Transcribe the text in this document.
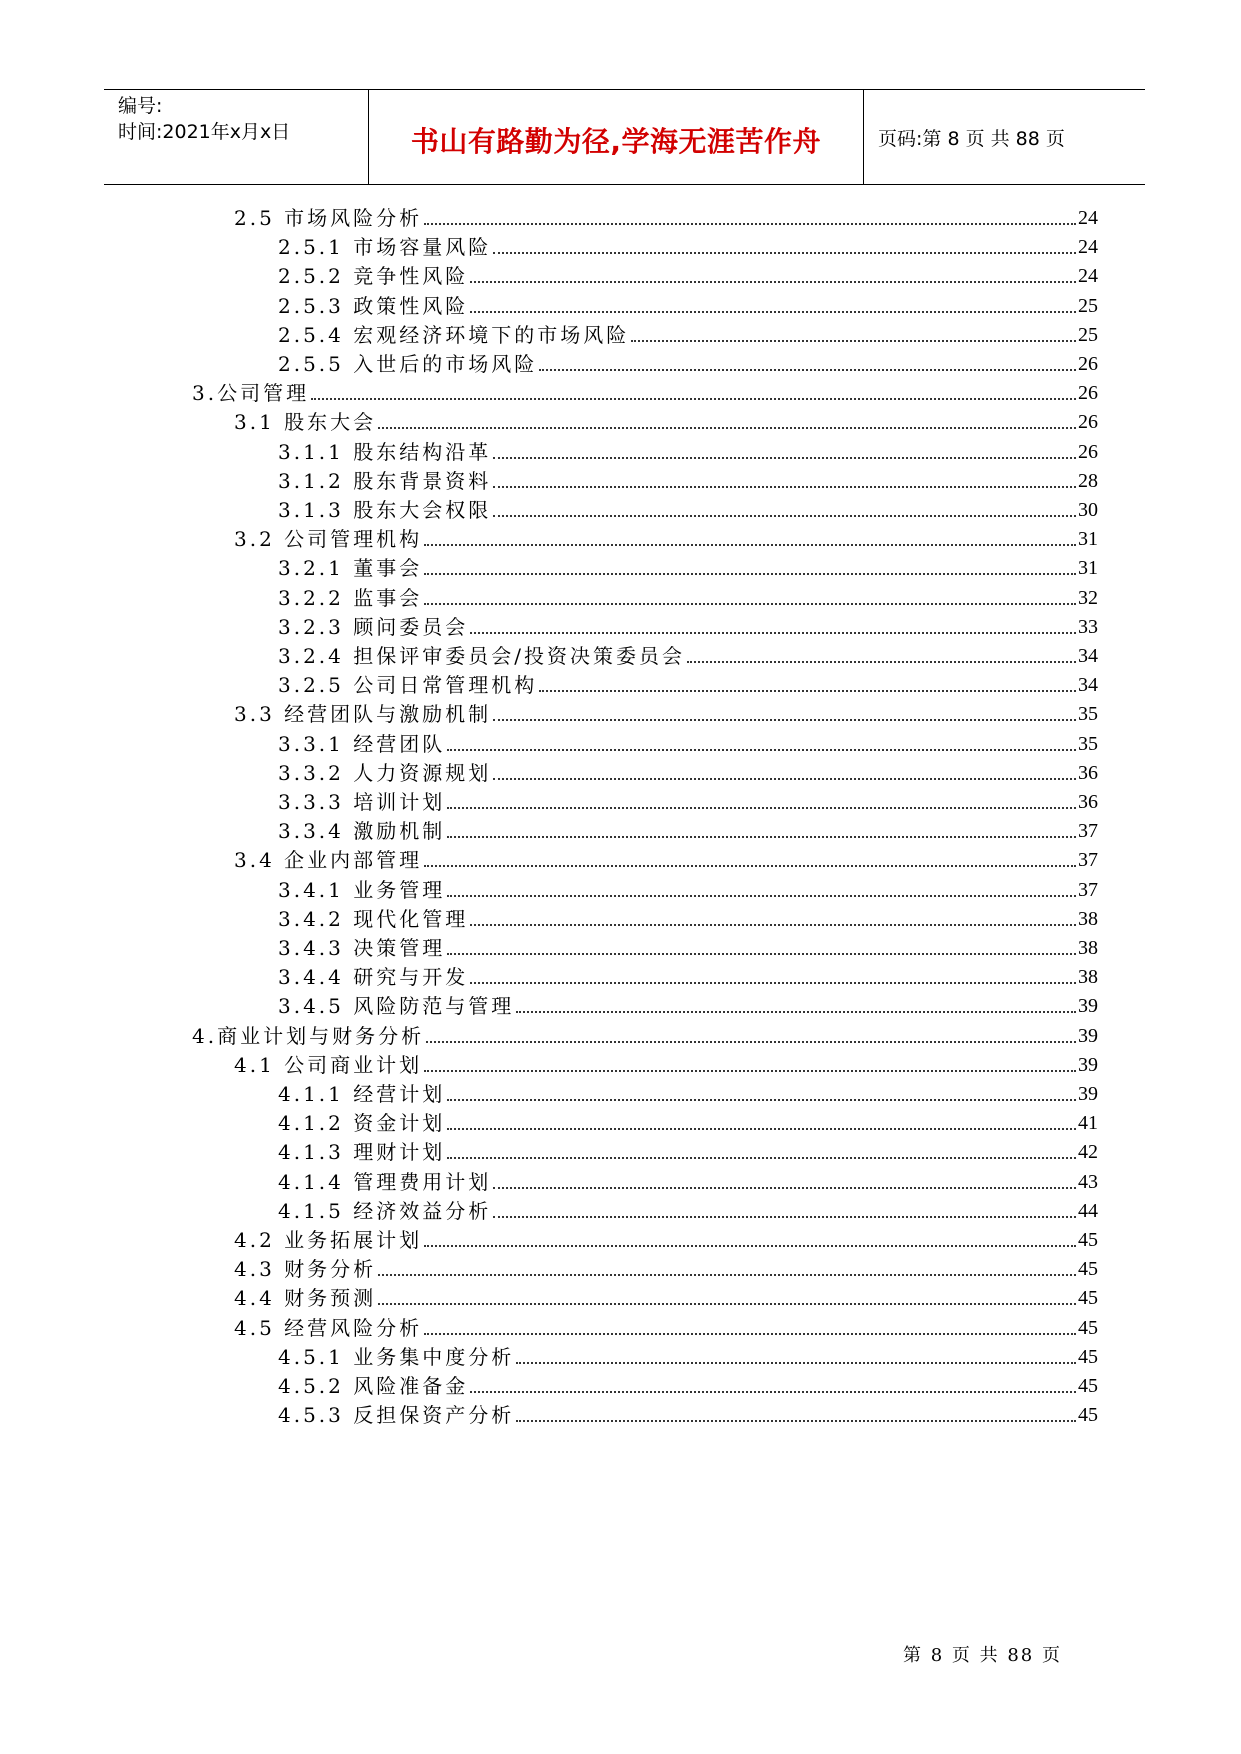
编号:
时间:2021年x月x日	书山有路勤为径,学海无涯苦作舟	页码:第 8 页 共 88 页
2.5 市场风险分析	24
2.5.1 市场容量风险	24
2.5.2 竞争性风险	24
2.5.3 政策性风险	25
2.5.4 宏观经济环境下的市场风险	25
2.5.5 入世后的市场风险	26
3.公司管理	26
3.1 股东大会	26
3.1.1 股东结构沿革	26
3.1.2 股东背景资料	28
3.1.3 股东大会权限	30
3.2 公司管理机构	31
3.2.1 董事会	31
3.2.2 监事会	32
3.2.3 顾问委员会	33
3.2.4 担保评审委员会/投资决策委员会	34
3.2.5 公司日常管理机构	34
3.3 经营团队与激励机制	35
3.3.1 经营团队	35
3.3.2 人力资源规划	36
3.3.3 培训计划	36
3.3.4 激励机制	37
3.4 企业内部管理	37
3.4.1 业务管理	37
3.4.2 现代化管理	38
3.4.3 决策管理	38
3.4.4 研究与开发	38
3.4.5 风险防范与管理	39
4.商业计划与财务分析	39
4.1 公司商业计划	39
4.1.1 经营计划	39
4.1.2 资金计划	41
4.1.3 理财计划	42
4.1.4 管理费用计划	43
4.1.5 经济效益分析	44
4.2 业务拓展计划	45
4.3 财务分析	45
4.4 财务预测	45
4.5 经营风险分析	45
4.5.1 业务集中度分析	45
4.5.2 风险准备金	45
4.5.3 反担保资产分析	45
第 8 页 共 88 页
